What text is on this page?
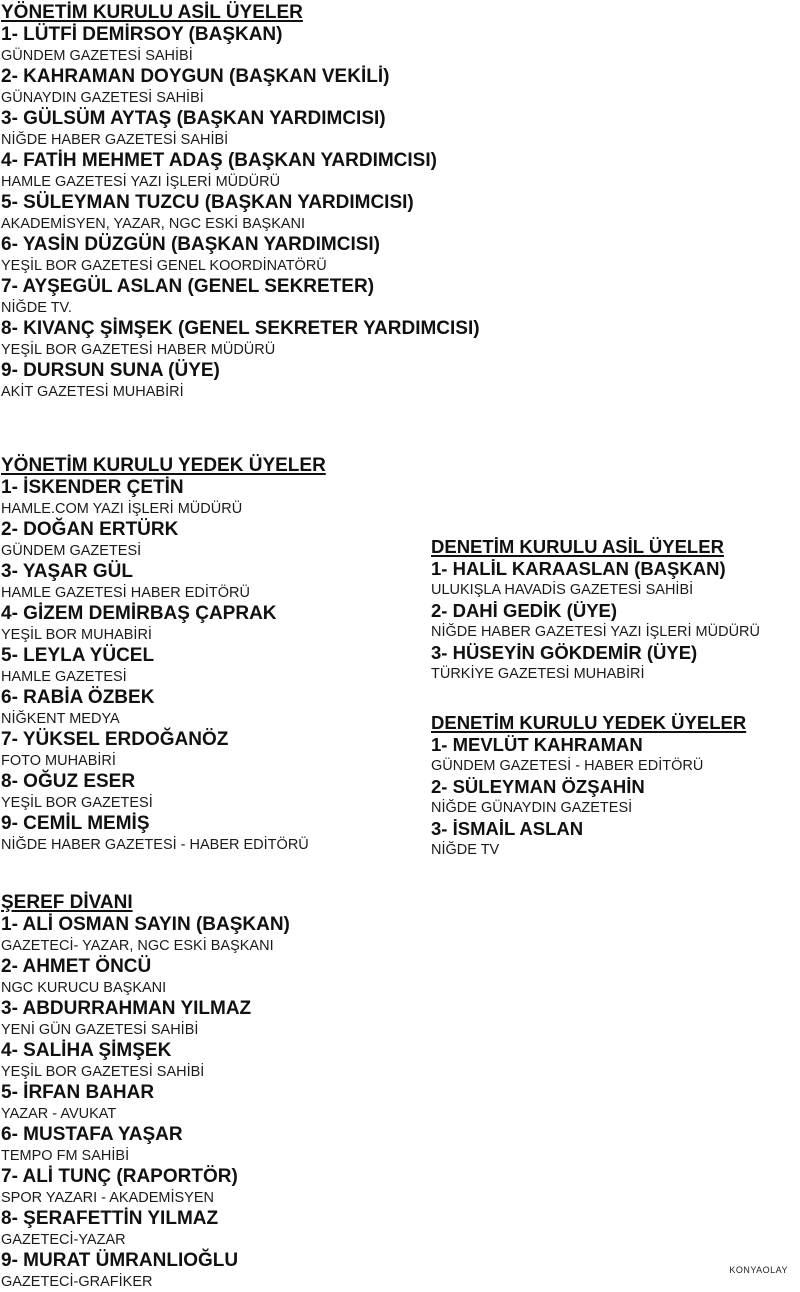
YÖNETİM KURULU ASİL ÜYELER
1- LÜTFİ DEMİRSOY (BAŞKAN)
GÜNDEM GAZETESİ SAHİBİ
2- KAHRAMAN DOYGUN (BAŞKAN VEKİLİ)
GÜNAYDIN GAZETESİ SAHİBİ
3- GÜLSÜM AYTAŞ (BAŞKAN YARDIMCISI)
NİĞDE HABER GAZETESİ SAHİBİ
4- FATİH MEHMET ADAŞ (BAŞKAN YARDIMCISI)
HAMLE GAZETESİ YAZI İŞLERİ MÜDÜRÜ
5- SÜLEYMAN TUZCU (BAŞKAN YARDIMCISI)
AKADEMİSYEN, YAZAR, NGC ESKİ BAŞKANI
6- YASİN DÜZGÜN (BAŞKAN YARDIMCISI)
YEŞİL BOR GAZETESİ GENEL KOORDİNATÖRÜ
7- AYŞEGÜL ASLAN (GENEL SEKRETER)
NİĞDE TV.
8- KIVANÇ ŞİMŞEK (GENEL SEKRETER YARDIMCISI)
YEŞİL BOR GAZETESİ HABER MÜDÜRÜ
9- DURSUN SUNA (ÜYE)
AKİT GAZETESİ MUHABİRİ
YÖNETİM KURULU YEDEK ÜYELER
1- İSKENDER ÇETİN
HAMLE.COM YAZI İŞLERİ MÜDÜRÜ
2- DOĞAN ERTÜRK
GÜNDEM GAZETESİ
3- YAŞAR GÜL
HAMLE GAZETESİ HABER EDİTÖRÜ
4- GİZEM DEMİRBAŞ ÇAPRAK
YEŞİL BOR MUHABİRİ
5- LEYLA YÜCEL
HAMLE GAZETESİ
6- RABİA ÖZBEK
NİĞKENT MEDYA
7- YÜKSEL ERDOĞANÖZ
FOTO MUHABİRİ
8- OĞUZ ESER
YEŞİL BOR GAZETESİ
9- CEMİL MEMİŞ
NİĞDE HABER GAZETESİ - HABER EDİTÖRÜ
DENETİM KURULU ASİL ÜYELER
1- HALİL KARAASLAN (BAŞKAN)
ULUKIŞLA HAVADİS GAZETESİ SAHİBİ
2- DAHİ GEDİK (ÜYE)
NİĞDE HABER GAZETESİ YAZI İŞLERİ MÜDÜRÜ
3- HÜSEYİN GÖKDEMİR (ÜYE)
TÜRKİYE GAZETESİ MUHABİRİ
DENETİM KURULU YEDEK ÜYELER
1- MEVLÜT KAHRAMAN
GÜNDEM GAZETESİ - HABER EDİTÖRÜ
2- SÜLEYMAN ÖZŞAHİN
NİĞDE GÜNAYDIN GAZETESİ
3- İSMAİL ASLAN
NİĞDE TV
ŞEREF DİVANI
1- ALİ OSMAN SAYIN (BAŞKAN)
GAZETECİ- YAZAR, NGC ESKİ BAŞKANI
2- AHMET ÖNCÜ
NGC KURUCU BAŞKANI
3- ABDURRAHMAN YILMAZ
YENİ GÜN GAZETESİ SAHİBİ
4- SALİHA ŞİMŞEK
YEŞİL BOR GAZETESİ SAHİBİ
5- İRFAN BAHAR
YAZAR - AVUKAT
6- MUSTAFA YAŞAR
TEMPO FM SAHİBİ
7- ALİ TUNÇ (RAPORTÖR)
SPOR YAZARI - AKADEMİSYEN
8- ŞERAFETTİN YILMAZ
GAZETECİ-YAZAR
9- MURAT ÜMRANLIOĞLU
GAZETECİ-GRAFİKER
KONYAOLAY
